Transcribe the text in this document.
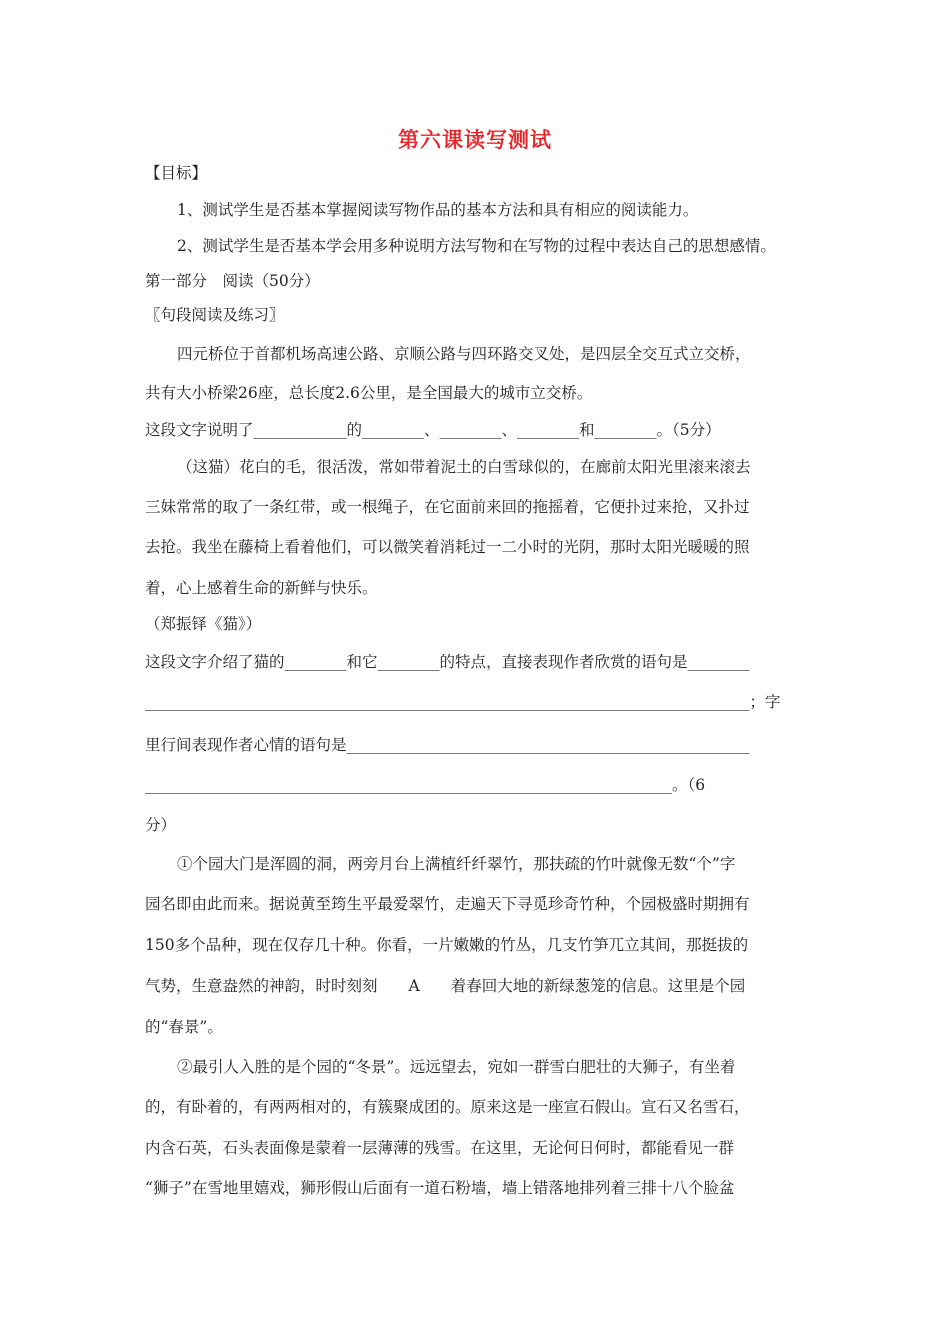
第六课读写测试
【目标】
1、测试学生是否基本掌握阅读写物作品的基本方法和具有相应的阅读能力。
2、测试学生是否基本学会用多种说明方法写物和在写物的过程中表达自己的思想感情。
第一部分　阅读（50分）
〖句段阅读及练习〗
四元桥位于首都机场高速公路、京顺公路与四环路交叉处，是四层全交互式立交桥，
共有大小桥梁26座，总长度2.6公里，是全国最大的城市立交桥。
这段文字说明了____________的________、________、________和________。（5分）
（这猫）花白的毛，很活泼，常如带着泥土的白雪球似的，在廊前太阳光里滚来滚去
三妹常常的取了一条红带，或一根绳子，在它面前来回的拖摇着，它便扑过来抢，又扑过
去抢。我坐在藤椅上看着他们，可以微笑着消耗过一二小时的光阴，那时太阳光暖暖的照
着，心上感着生命的新鲜与快乐。
（郑振铎《猫》）
这段文字介绍了猫的________和它________的特点，直接表现作者欣赏的语句是________
______________________________________________________________________________；字
里行间表现作者心情的语句是____________________________________________________
____________________________________________________________________。（6
分）
①个园大门是浑圆的洞，两旁月台上满植纤纤翠竹，那扶疏的竹叶就像无数“个”字
园名即由此而来。据说黄至筠生平最爱翠竹，走遍天下寻觅珍奇竹种，个园极盛时期拥有
150多个品种，现在仅存几十种。你看，一片嫩嫩的竹丛，几支竹笋兀立其间，那挺拔的
气势，生意盎然的神韵，时时刻刻　　A　　着春回大地的新绿葱笼的信息。这里是个园
的“春景”。
②最引人入胜的是个园的“冬景”。远远望去，宛如一群雪白肥壮的大狮子，有坐着
的，有卧着的，有两两相对的，有簇聚成团的。原来这是一座宣石假山。宣石又名雪石，
内含石英，石头表面像是蒙着一层薄薄的残雪。在这里，无论何日何时，都能看见一群
“狮子”在雪地里嬉戏，狮形假山后面有一道石粉墙，墙上错落地排列着三排十八个脸盆
